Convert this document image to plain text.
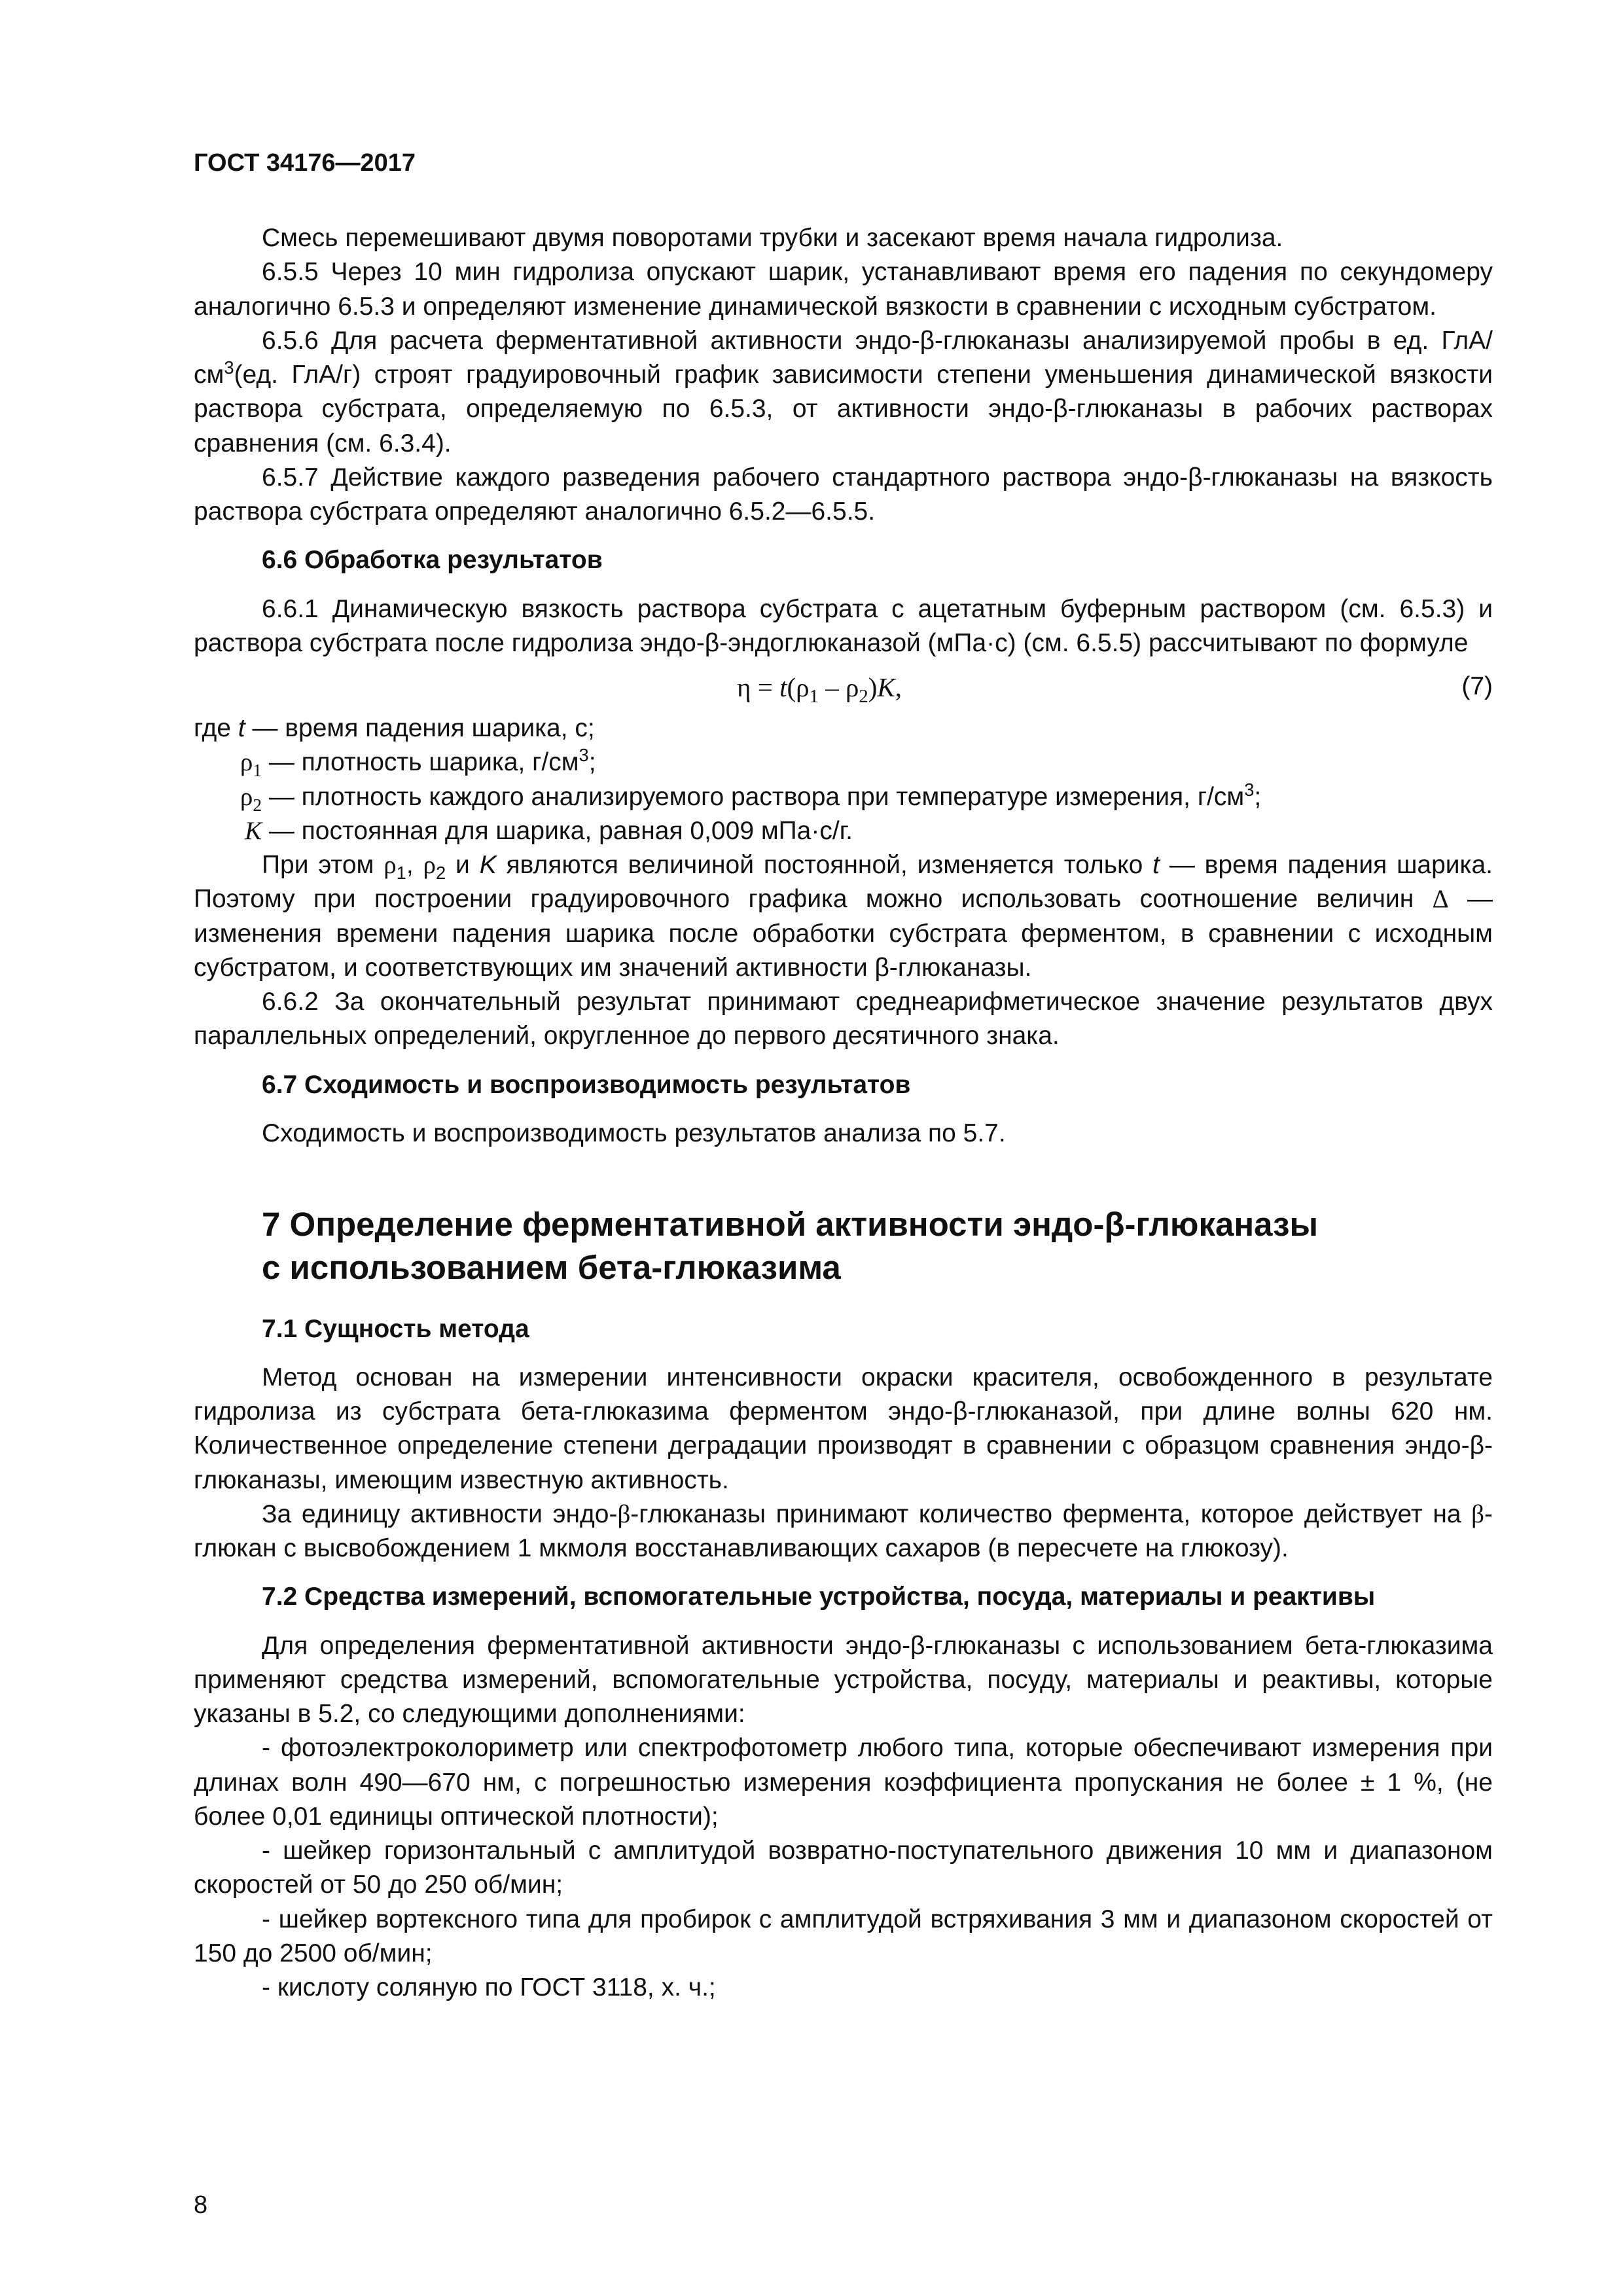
ГОСТ 34176—2017

Смесь перемешивают двумя поворотами трубки и засекают время начала гидролиза.

6.5.5 Через 10 мин гидролиза опускают шарик, устанавливают время его падения по секундомеру аналогично 6.5.3 и определяют изменение динамической вязкости в сравнении с исходным субстратом.

6.5.6 Для расчета ферментативной активности эндо-β-глюканазы анализируемой пробы в ед. ГлА/$см^3(ед$. ГлА/г) строят градуировочный график зависимости степени уменьшения динамической вязкости раствора субстрата, определяемую по 6.5.3, от активности эндо-β-глюканазы в рабочих растворах сравнения (см. 6.3.4).

6.5.7 Действие каждого разведения рабочего стандартного раствора эндо-β-глюканазы на вязкость раствора субстрата определяют аналогично 6.5.2—6.5.5.

6.6 Обработка результатов

6.6.1 Динамическую вязкость раствора субстрата с ацетатным буферным раствором (см. 6.5.3) и раствора субстрата после гидролиза эндо-β-эндоглюканазой (мПа·с) (см. 6.5.5) рассчитывают по формуле

$\eta = t(\rho_1 - \rho_2)K$,	(7)
где t — время падения шарика, с;
$\rho_1$ — плотность шарика, $г/см^3$;
$\rho_2$ — плотность каждого анализируемого раствора при температуре измерения, $г/см^3$;
K — постоянная для шарика, равная 0,009 мПа·с/г.

При этом $\rho_1$, $\rho_2$ и K являются величиной постоянной, изменяется только t — время падения шарика. Поэтому при построении градуировочного графика можно использовать соотношение величин Δ — изменения времени падения шарика после обработки субстрата ферментом, в сравнении с исходным субстратом, и соответствующих им значений активности β-глюканазы.

6.6.2 За окончательный результат принимают среднеарифметическое значение результатов двух параллельных определений, округленное до первого десятичного знака.

6.7 Сходимость и воспроизводимость результатов

Сходимость и воспроизводимость результатов анализа по 5.7.

7 Определение ферментативной активности эндо-β-глюканазы
с использованием бета-глюказима
7.1 Сущность метода

Метод основан на измерении интенсивности окраски красителя, освобожденного в результате гидролиза из субстрата бета-глюказима ферментом эндо-β-глюканазой, при длине волны 620 нм. Количественное определение степени деградации производят в сравнении с образцом сравнения эндо-β-глюканазы, имеющим известную активность.

За единицу активности эндо-β-глюканазы принимают количество фермента, которое действует на β-глюкан с высвобождением 1 мкмоля восстанавливающих сахаров (в пересчете на глюкозу).

7.2 Средства измерений, вспомогательные устройства, посуда, материалы и реактивы

Для определения ферментативной активности эндо-β-глюканазы с использованием бета-глюказима применяют средства измерений, вспомогательные устройства, посуду, материалы и реактивы, которые указаны в 5.2, со следующими дополнениями:

- фотоэлектроколориметр или спектрофотометр любого типа, которые обеспечивают измерения при длинах волн 490—670 нм, с погрешностью измерения коэффициента пропускания не более ± 1 %, (не более 0,01 единицы оптической плотности);

- шейкер горизонтальный с амплитудой возвратно-поступательного движения 10 мм и диапазоном скоростей от 50 до 250 об/мин;

- шейкер вортексного типа для пробирок с амплитудой встряхивания 3 мм и диапазоном скоростей от 150 до 2500 об/мин;

- кислоту соляную по ГОСТ 3118, х. ч.;

8
